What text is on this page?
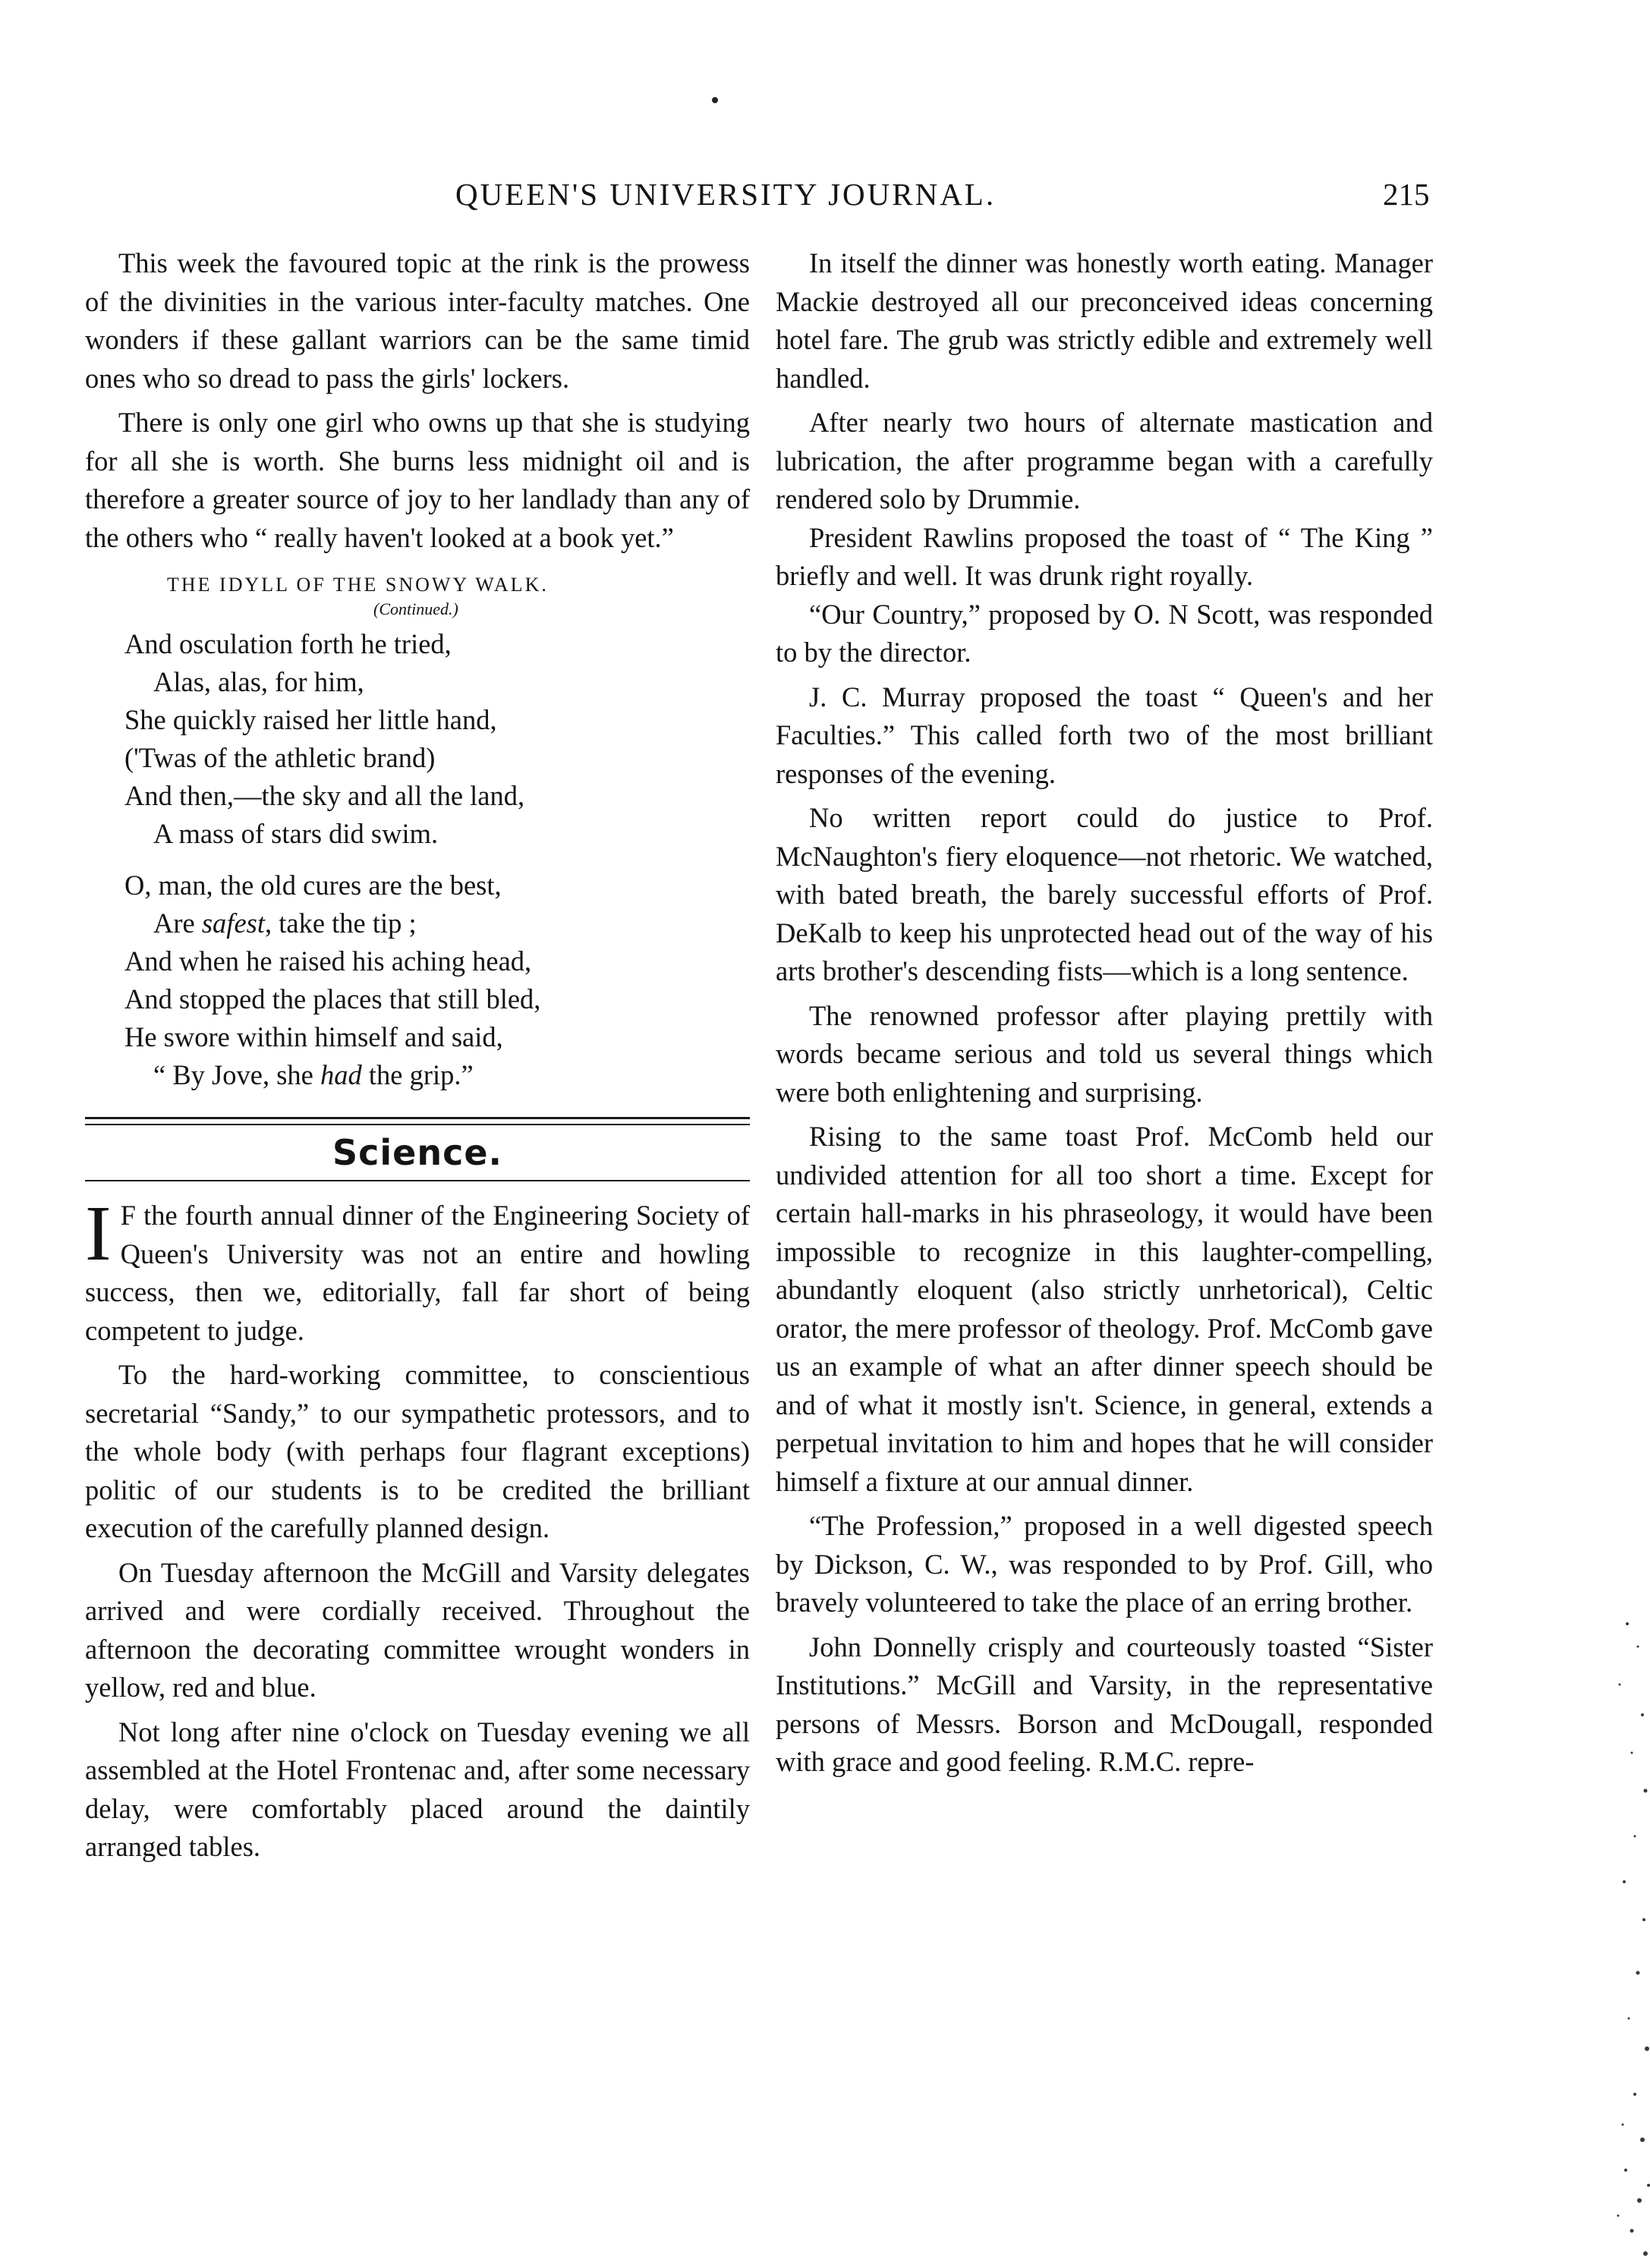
QUEEN'S UNIVERSITY JOURNAL.	215

This week the favoured topic at the rink is the prowess of the divinities in the various inter-faculty matches. One wonders if these gallant warriors can be the same timid ones who so dread to pass the girls' lockers.

There is only one girl who owns up that she is studying for all she is worth. She burns less midnight oil and is therefore a greater source of joy to her landlady than any of the others who “ really haven't looked at a book yet.”

THE IDYLL OF THE SNOWY WALK.
(Continued.)
And osculation forth he tried,
Alas, alas, for him,
She quickly raised her little hand,
('Twas of the athletic brand)
And then,—the sky and all the land,
A mass of stars did swim.
O, man, the old cures are the best,
Are safest, take the tip ;
And when he raised his aching head,
And stopped the places that still bled,
He swore within himself and said,
“ By Jove, she had the grip.”
Science.

I F the fourth annual dinner of the Engineering Society of Queen's University was not an entire and howling success, then we, editorially, fall far short of being competent to judge.

To the hard-working committee, to conscientious secretarial “Sandy,” to our sympathetic protessors, and to the whole body (with perhaps four flagrant exceptions) politic of our students is to be credited the brilliant execution of the carefully planned design.

On Tuesday afternoon the McGill and Varsity delegates arrived and were cordially received. Throughout the afternoon the decorating committee wrought wonders in yellow, red and blue.

Not long after nine o'clock on Tuesday evening we all assembled at the Hotel Frontenac and, after some necessary delay, were comfortably placed around the daintily arranged tables.

In itself the dinner was honestly worth eating. Manager Mackie destroyed all our preconceived ideas concerning hotel fare. The grub was strictly edible and extremely well handled.

After nearly two hours of alternate mastication and lubrication, the after programme began with a carefully rendered solo by Drummie.

President Rawlins proposed the toast of “ The King ” briefly and well. It was drunk right royally.

“Our Country,” proposed by O. N Scott, was responded to by the director.

J. C. Murray proposed the toast “ Queen's and her Faculties.” This called forth two of the most brilliant responses of the evening.

No written report could do justice to Prof. McNaughton's fiery eloquence—not rhetoric. We watched, with bated breath, the barely successful efforts of Prof. DeKalb to keep his unprotected head out of the way of his arts brother's descending fists—which is a long sentence.

The renowned professor after playing prettily with words became serious and told us several things which were both enlightening and surprising.

Rising to the same toast Prof. McComb held our undivided attention for all too short a time. Except for certain hall-marks in his phraseology, it would have been impossible to recognize in this laughter-compelling, abundantly eloquent (also strictly unrhetorical), Celtic orator, the mere professor of theology. Prof. McComb gave us an example of what an after dinner speech should be and of what it mostly isn't. Science, in general, extends a perpetual invitation to him and hopes that he will consider himself a fixture at our annual dinner.

“The Profession,” proposed in a well digested speech by Dickson, C. W., was responded to by Prof. Gill, who bravely volunteered to take the place of an erring brother.

John Donnelly crisply and courteously toasted “Sister Institutions.” McGill and Varsity, in the representative persons of Messrs. Borson and McDougall, responded with grace and good feeling. R.M.C. repre-
